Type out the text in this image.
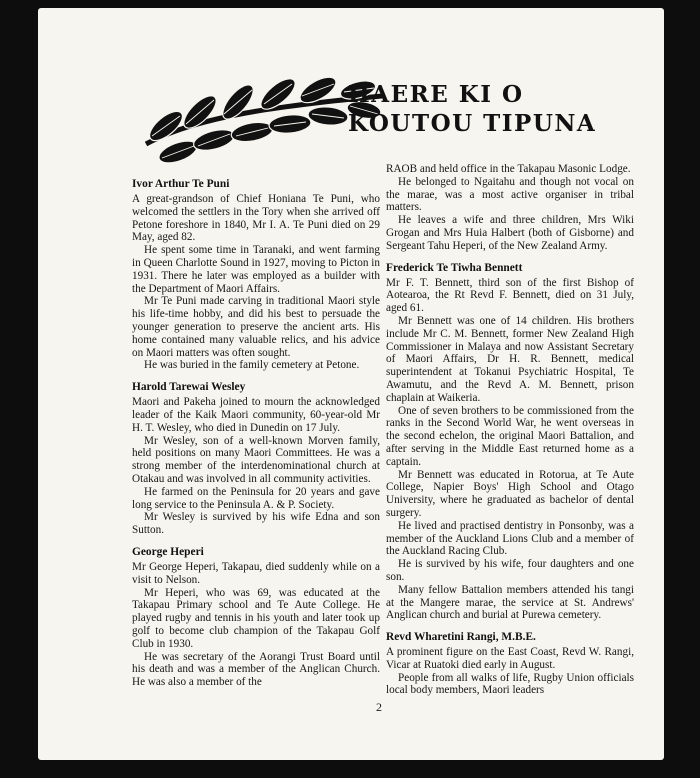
HAERE KI O
KOUTOU TIPUNA
Ivor Arthur Te Puni

A great-grandson of Chief Honiana Te Puni, who welcomed the settlers in the Tory when she arrived off Petone foreshore in 1840, Mr I. A. Te Puni died on 29 May, aged 82.

He spent some time in Taranaki, and went farming in Queen Charlotte Sound in 1927, moving to Picton in 1931. There he later was employed as a builder with the Department of Maori Affairs.

Mr Te Puni made carving in traditional Maori style his life-time hobby, and did his best to persuade the younger generation to preserve the ancient arts. His home contained many valuable relics, and his advice on Maori matters was often sought.

He was buried in the family cemetery at Petone.

Harold Tarewai Wesley

Maori and Pakeha joined to mourn the acknowledged leader of the Kaik Maori community, 60-year-old Mr H. T. Wesley, who died in Dunedin on 17 July.

Mr Wesley, son of a well-known Morven family, held positions on many Maori Committees. He was a strong member of the interdenominational church at Otakau and was involved in all community activities.

He farmed on the Peninsula for 20 years and gave long service to the Peninsula A. & P. Society.

Mr Wesley is survived by his wife Edna and son Sutton.

George Heperi

Mr George Heperi, Takapau, died suddenly while on a visit to Nelson.

Mr Heperi, who was 69, was educated at the Takapau Primary school and Te Aute College. He played rugby and tennis in his youth and later took up golf to become club champion of the Takapau Golf Club in 1930.

He was secretary of the Aorangi Trust Board until his death and was a member of the Anglican Church. He was also a member of the

RAOB and held office in the Takapau Masonic Lodge.

He belonged to Ngaitahu and though not vocal on the marae, was a most active organiser in tribal matters.

He leaves a wife and three children, Mrs Wiki Grogan and Mrs Huia Halbert (both of Gisborne) and Sergeant Tahu Heperi, of the New Zealand Army.

Frederick Te Tiwha Bennett

Mr F. T. Bennett, third son of the first Bishop of Aotearoa, the Rt Revd F. Bennett, died on 31 July, aged 61.

Mr Bennett was one of 14 children. His brothers include Mr C. M. Bennett, former New Zealand High Commissioner in Malaya and now Assistant Secretary of Maori Affairs, Dr H. R. Bennett, medical superintendent at Tokanui Psychiatric Hospital, Te Awamutu, and the Revd A. M. Bennett, prison chaplain at Waikeria.

One of seven brothers to be commissioned from the ranks in the Second World War, he went overseas in the second echelon, the original Maori Battalion, and after serving in the Middle East returned home as a captain.

Mr Bennett was educated in Rotorua, at Te Aute College, Napier Boys' High School and Otago University, where he graduated as bachelor of dental surgery.

He lived and practised dentistry in Ponsonby, was a member of the Auckland Lions Club and a member of the Auckland Racing Club.

He is survived by his wife, four daughters and one son.

Many fellow Battalion members attended his tangi at the Mangere marae, the service at St. Andrews' Anglican church and burial at Purewa cemetery.

Revd Wharetini Rangi, M.B.E.

A prominent figure on the East Coast, Revd W. Rangi, Vicar at Ruatoki died early in August.

People from all walks of life, Rugby Union officials local body members, Maori leaders

2
